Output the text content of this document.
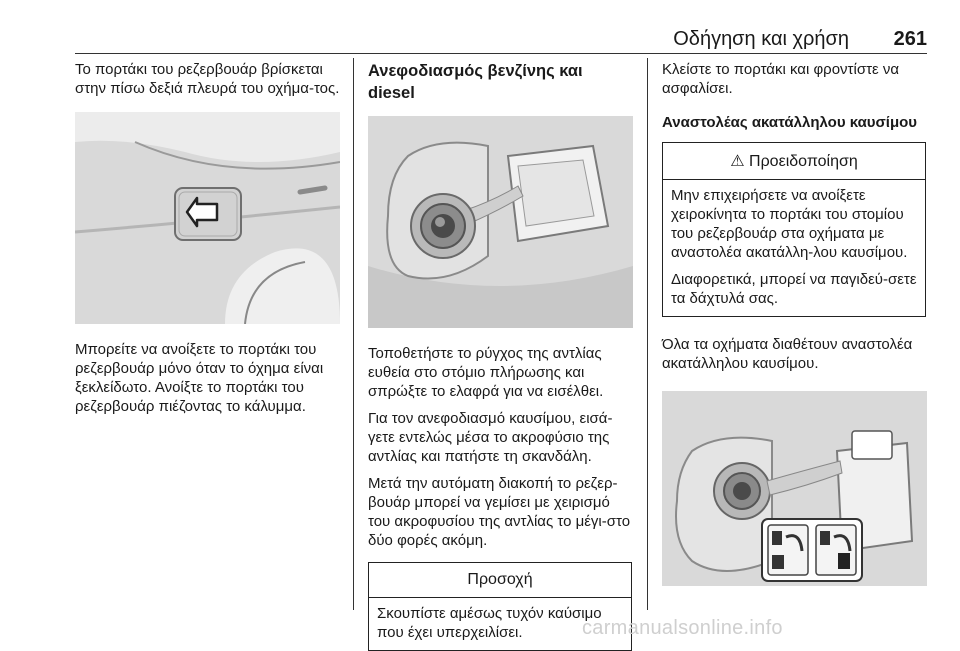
Οδήγηση και χρήση 261

Το πορτάκι του ρεζερβουάρ βρίσκεται στην πίσω δεξιά πλευρά του οχήμα-τος.

Μπορείτε να ανοίξετε το πορτάκι του ρεζερβουάρ μόνο όταν το όχημα είναι ξεκλείδωτο. Ανοίξτε το πορτάκι του ρεζερβουάρ πιέζοντας το κάλυμμα.

Ανεφοδιασμός βενζίνης και diesel

Τοποθετήστε το ρύγχος της αντλίας ευθεία στο στόμιο πλήρωσης και σπρώξτε το ελαφρά για να εισέλθει.

Για τον ανεφοδιασμό καυσίμου, εισά-γετε εντελώς μέσα το ακροφύσιο της αντλίας και πατήστε τη σκανδάλη.

Μετά την αυτόματη διακοπή το ρεζερ-βουάρ μπορεί να γεμίσει με χειρισμό του ακροφυσίου της αντλίας το μέγι-στο δύο φορές ακόμη.

Προσοχή

Σκουπίστε αμέσως τυχόν καύσιμο που έχει υπερχειλίσει.

Κλείστε το πορτάκι και φροντίστε να ασφαλίσει.

Αναστολέας ακατάλληλου καυσίμου
⚠ Προειδοποίηση

Μην επιχειρήσετε να ανοίξετε χειροκίνητα το πορτάκι του στομίου του ρεζερβουάρ στα οχήματα με αναστολέα ακατάλλη-λου καυσίμου.

Διαφορετικά, μπορεί να παγιδεύ-σετε τα δάχτυλά σας.

Όλα τα οχήματα διαθέτουν αναστολέα ακατάλληλου καυσίμου.

carmanualsonline.info
